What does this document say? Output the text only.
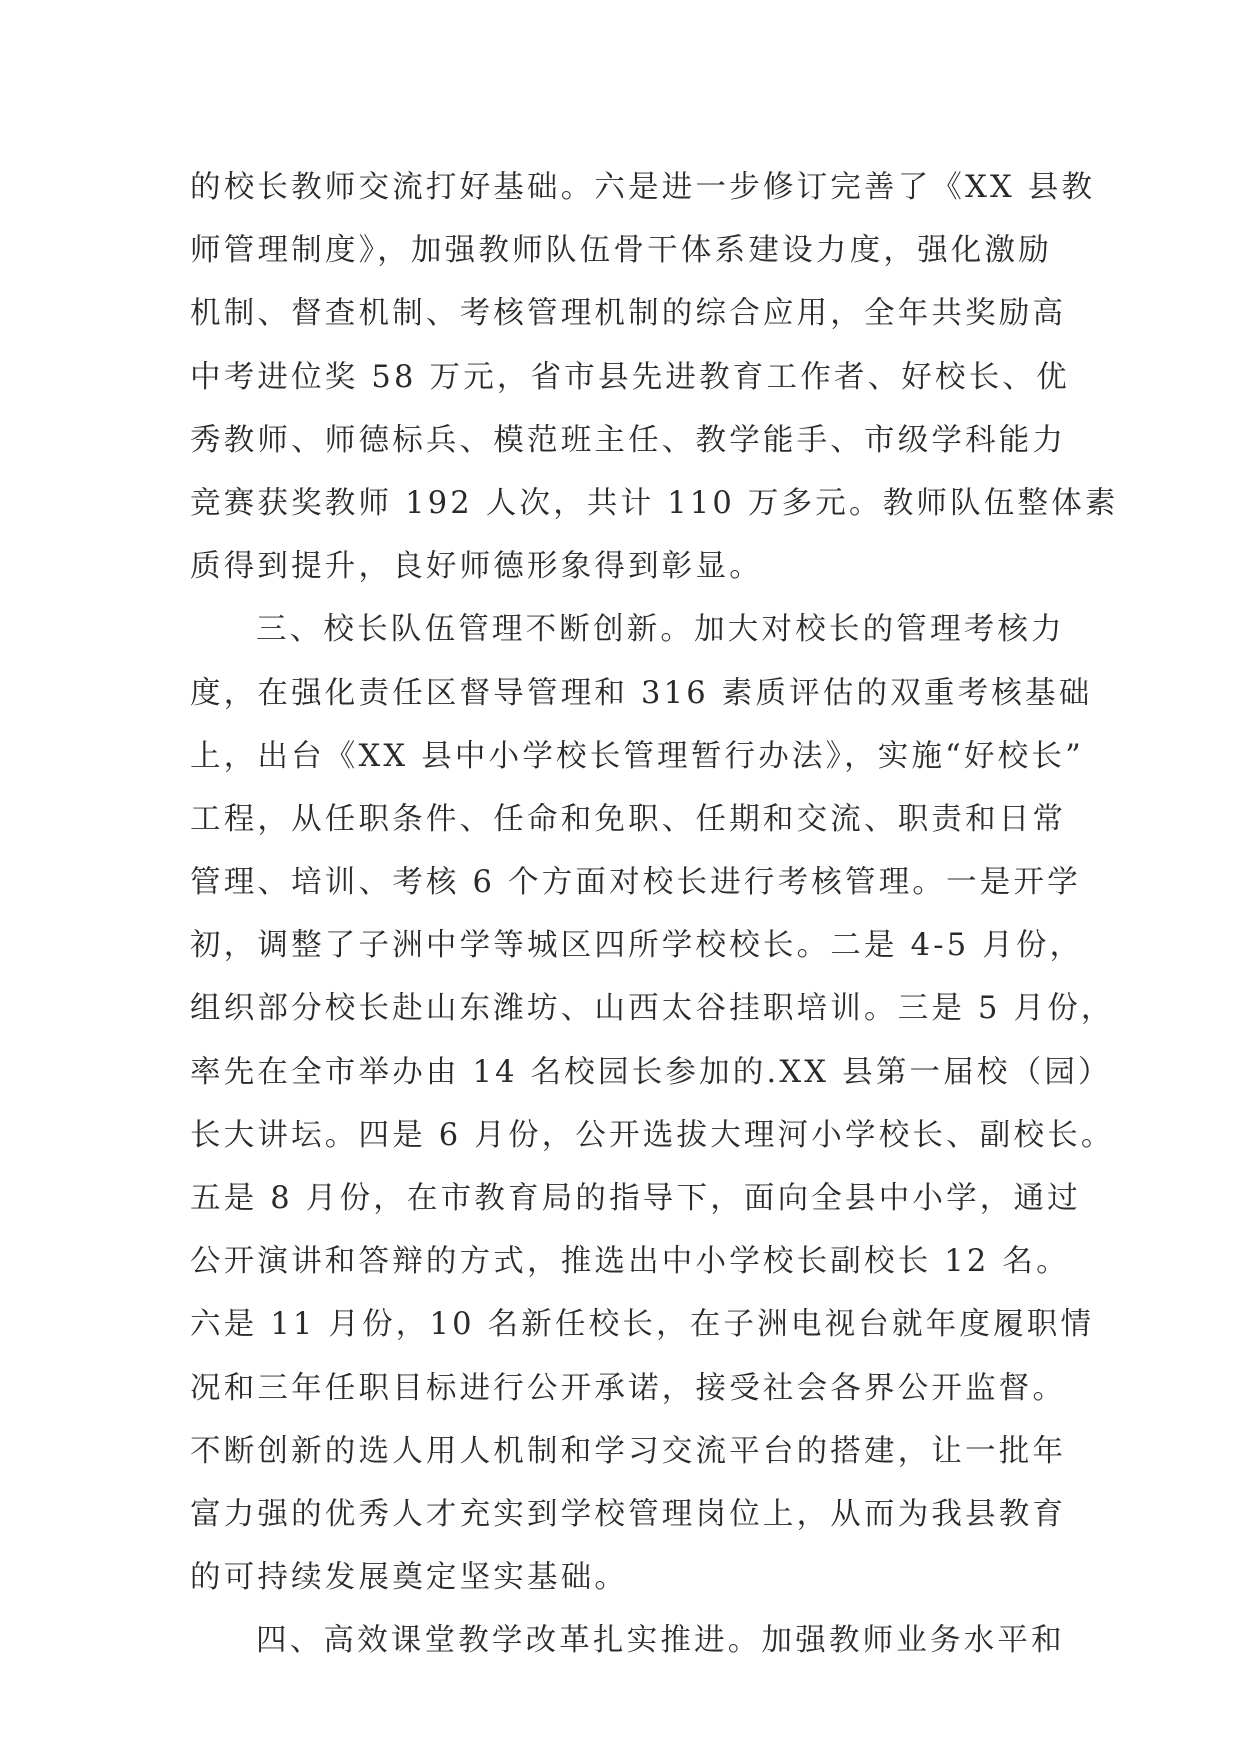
的校长教师交流打好基础。六是进一步修订完善了《XX 县教
师管理制度》，加强教师队伍骨干体系建设力度，强化激励
机制、督查机制、考核管理机制的综合应用，全年共奖励高
中考进位奖 58 万元，省市县先进教育工作者、好校长、优
秀教师、师德标兵、模范班主任、教学能手、市级学科能力
竞赛获奖教师 192 人次，共计 110 万多元。教师队伍整体素
质得到提升，良好师德形象得到彰显。
三、校长队伍管理不断创新。加大对校长的管理考核力
度，在强化责任区督导管理和 316 素质评估的双重考核基础
上，出台《XX 县中小学校长管理暂行办法》，实施“好校长”
工程，从任职条件、任命和免职、任期和交流、职责和日常
管理、培训、考核 6 个方面对校长进行考核管理。一是开学
初，调整了子洲中学等城区四所学校校长。二是 4-5 月份，
组织部分校长赴山东潍坊、山西太谷挂职培训。三是 5 月份，
率先在全市举办由 14 名校园长参加的.XX 县第一届校（园）
长大讲坛。四是 6 月份，公开选拔大理河小学校长、副校长。
五是 8 月份，在市教育局的指导下，面向全县中小学，通过
公开演讲和答辩的方式，推选出中小学校长副校长 12 名。
六是 11 月份，10 名新任校长，在子洲电视台就年度履职情
况和三年任职目标进行公开承诺，接受社会各界公开监督。
不断创新的选人用人机制和学习交流平台的搭建，让一批年
富力强的优秀人才充实到学校管理岗位上，从而为我县教育
的可持续发展奠定坚实基础。
四、高效课堂教学改革扎实推进。加强教师业务水平和
